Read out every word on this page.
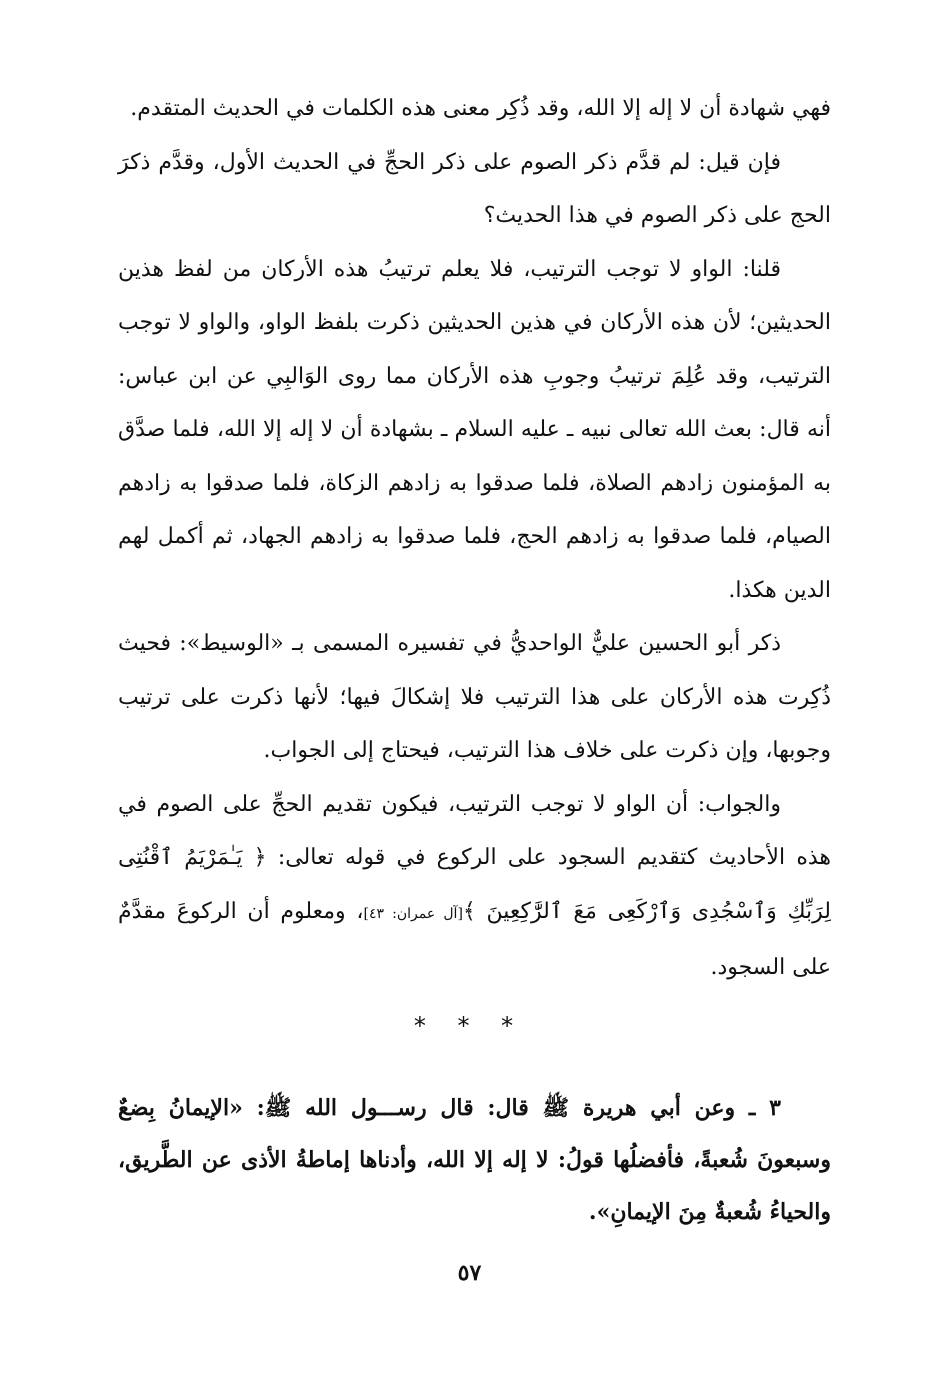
فهي شهادة أن لا إله إلا الله، وقد ذُكِر معنى هذه الكلمات في الحديث المتقدم.

فإن قيل: لم قدَّم ذكر الصوم على ذكر الحجِّ في الحديث الأول، وقدَّم ذكرَ الحج على ذكر الصوم في هذا الحديث؟

قلنا: الواو لا توجب الترتيب، فلا يعلم ترتيبُ هذه الأركان من لفظ هذين الحديثين؛ لأن هذه الأركان في هذين الحديثين ذكرت بلفظ الواو، والواو لا توجب الترتيب، وقد عُلِمَ ترتيبُ وجوبِ هذه الأركان مما روى الوَالبِي عن ابن عباس: أنه قال: بعث الله تعالى نبيه ـ عليه السلام ـ بشهادة أن لا إله إلا الله، فلما صدَّق به المؤمنون زادهم الصلاة، فلما صدقوا به زادهم الزكاة، فلما صدقوا به زادهم الصيام، فلما صدقوا به زادهم الحج، فلما صدقوا به زادهم الجهاد، ثم أكمل لهم الدين هكذا.

ذكر أبو الحسين عليٌّ الواحديُّ في تفسيره المسمى بـ «الوسيط»: فحيث ذُكِرت هذه الأركان على هذا الترتيب فلا إشكالَ فيها؛ لأنها ذكرت على ترتيب وجوبها، وإن ذكرت على خلاف هذا الترتيب، فيحتاج إلى الجواب.

والجواب: أن الواو لا توجب الترتيب، فيكون تقديم الحجِّ على الصوم في هذه الأحاديث كتقديم السجود على الركوع في قوله تعالى: ﴿ يَـٰمَرْيَمُ ٱقْنُتِى لِرَبِّكِ وَٱسْجُدِى وَٱرْكَعِى مَعَ ٱلرَّٰكِعِينَ ﴾[آل عمران: ٤٣]، ومعلوم أن الركوعَ مقدَّمٌ على السجود.

* * *

٣ ـ وعن أبي هريرة ﷺ قال: قال رســـول الله ﷺ: «الإيمانُ بِضعٌ وسبعونَ شُعبةً، فأفضلُها قولُ: لا إله إلا الله، وأدناها إماطةُ الأذى عن الطَّريق، والحياءُ شُعبةٌ مِنَ الإيمانِ».

٥٧
